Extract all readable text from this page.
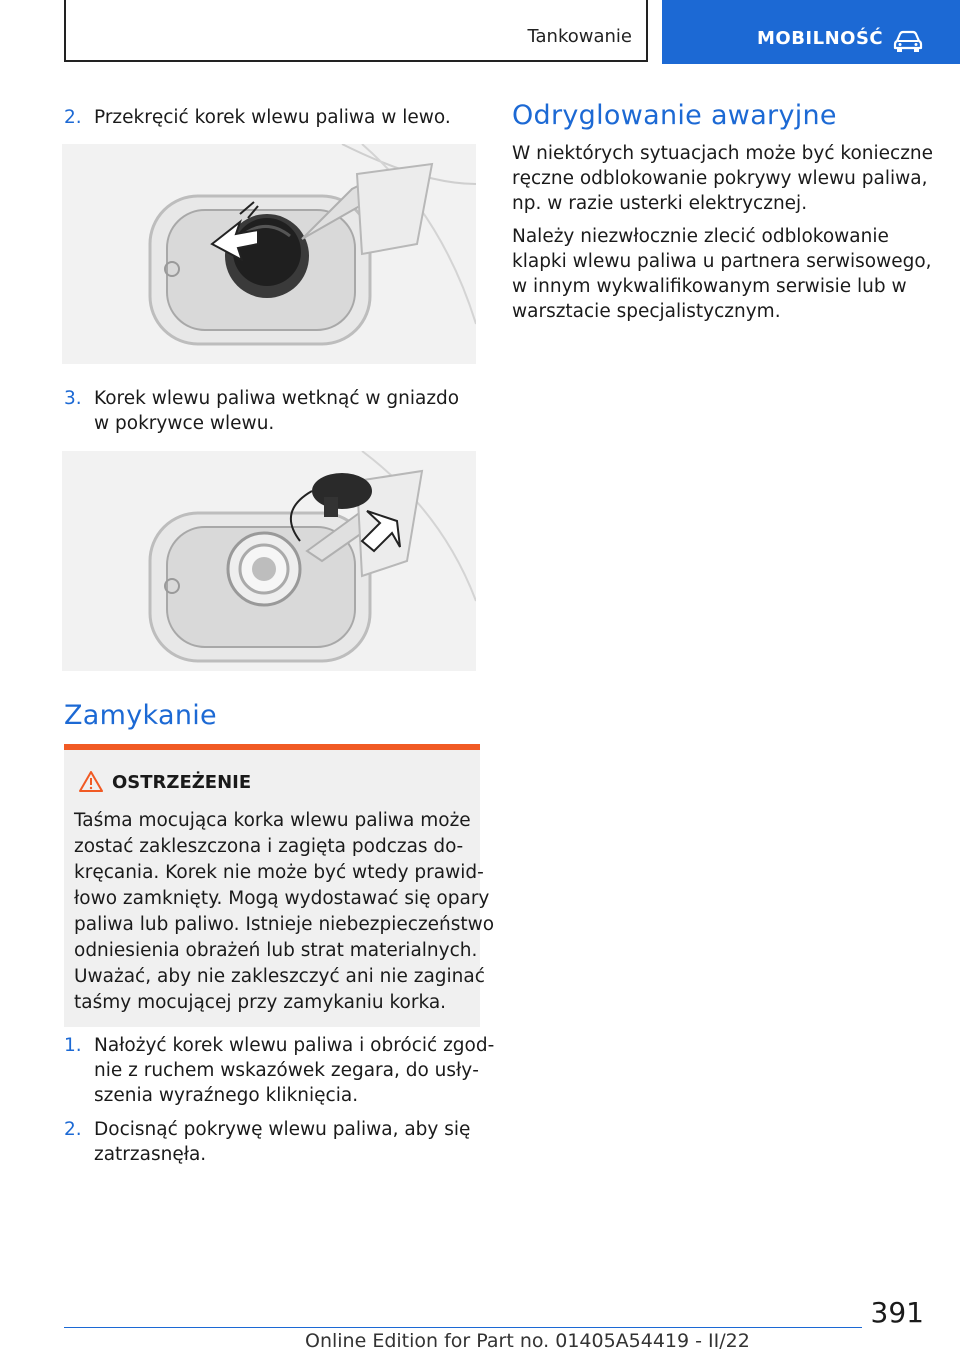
Tankowanie	MOBILNOŚĆ
2. Przekręcić korek wlewu paliwa w lewo.
3. Korek wlewu paliwa wetknąć w gniazdo
w pokrywce wlewu.
Zamykanie
OSTRZEŻENIE
Taśma mocująca korka wlewu paliwa może
zostać zakleszczona i zagięta podczas do‐
kręcania. Korek nie może być wtedy prawid‐
łowo zamknięty. Mogą wydostawać się opary
paliwa lub paliwo. Istnieje niebezpieczeństwo
odniesienia obrażeń lub strat materialnych.
Uważać, aby nie zakleszczyć ani nie zaginać
taśmy mocującej przy zamykaniu korka.
1. Nałożyć korek wlewu paliwa i obrócić zgod‐
nie z ruchem wskazówek zegara, do usły‐
szenia wyraźnego kliknięcia.
2. Docisnąć pokrywę wlewu paliwa, aby się
zatrzasnęła.
Odryglowanie awaryjne
W niektórych sytuacjach może być konieczne
ręczne odblokowanie pokrywy wlewu paliwa,
np. w razie usterki elektrycznej.
Należy niezwłocznie zlecić odblokowanie
klapki wlewu paliwa u partnera serwisowego,
w innym wykwalifikowanym serwisie lub w
warsztacie specjalistycznym.
391
Online Edition for Part no. 01405A54419 - II/22
